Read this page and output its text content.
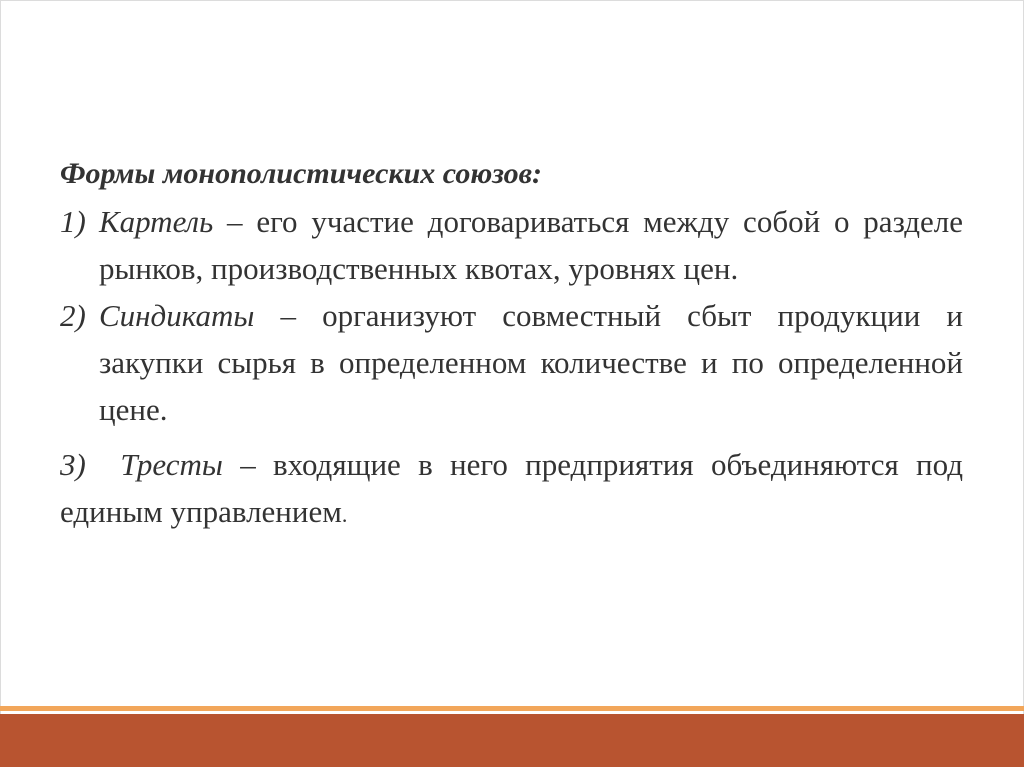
Формы монополистических союзов:
1) Картель – его участие договариваться между собой о разделе рынков, производственных квотах, уровнях цен.
2) Синдикаты – организуют совместный сбыт продукции и закупки сырья в определенном количестве и по определенной цене.
3) Тресты – входящие в него предприятия объединяются под единым управлением.
